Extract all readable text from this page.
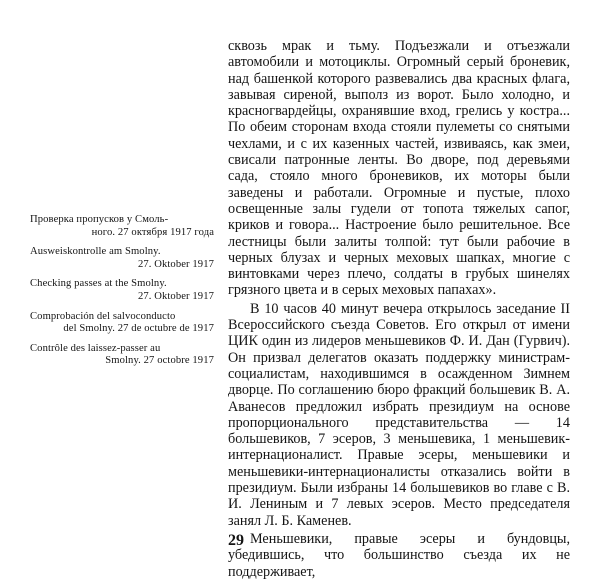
Проверка пропусков у Смоль-
ного. 27 октября 1917 года
Ausweiskontrolle am Smolny.
27. Oktober 1917
Checking passes at the Smolny.
27. Oktober 1917
Comprobación del salvoconducto
del Smolny. 27 de octubre de 1917
Contrôle des laissez-passer au
Smolny. 27 octobre 1917

сквозь мрак и тьму. Подъезжали и отъезжали автомобили и мотоциклы. Огромный серый броневик, над башенкой которого развевались два красных флага, завывая сиреной, выполз из ворот. Было холодно, и красногвардейцы, охранявшие вход, грелись у костра... По обеим сторонам входа стояли пулеметы со снятыми чехлами, и с их казенных частей, извиваясь, как змеи, свисали патронные ленты. Во дворе, под деревьями сада, стояло много броневиков, их моторы были заведены и работали. Огромные и пустые, плохо освещенные залы гудели от топота тяжелых сапог, криков и говора... Настроение было решительное. Все лестницы были залиты толпой: тут были рабочие в черных блузах и черных меховых шапках, многие с винтовками через плечо, солдаты в грубых шинелях грязного цвета и в серых меховых папахах».

В 10 часов 40 минут вечера открылось заседание II Всероссийского съезда Советов. Его открыл от имени ЦИК один из лидеров меньшевиков Ф. И. Дан (Гурвич). Он призвал делегатов оказать поддержку министрам-социалистам, находившимся в осажденном Зимнем дворце. По соглашению бюро фракций большевик В. А. Аванесов предложил избрать президиум на основе пропорционального представительства — 14 большевиков, 7 эсеров, 3 меньшевика, 1 меньшевик-интернационалист. Правые эсеры, меньшевики и меньшевики-интернационалисты отказались войти в президиум. Были избраны 14 большевиков во главе с В. И. Лениным и 7 левых эсеров. Место председателя занял Л. Б. Каменев.

Меньшевики, правые эсеры и бундовцы, убедившись, что большинство съезда их не поддерживает,

29
